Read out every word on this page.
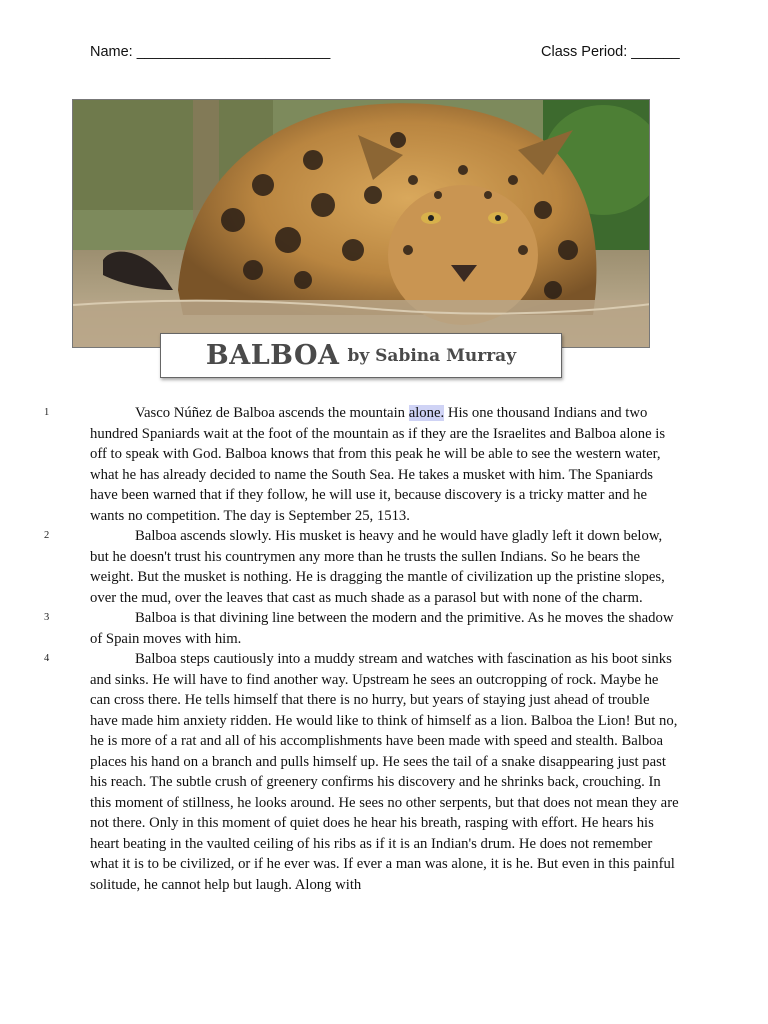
Name: ________________________	Class Period: ______
BALBOA by Sabina Murray
1	Vasco Núñez de Balboa ascends the mountain alone. His one thousand Indians and two hundred Spaniards wait at the foot of the mountain as if they are the Israelites and Balboa alone is off to speak with God. Balboa knows that from this peak he will be able to see the western water, what he has already decided to name the South Sea. He takes a musket with him. The Spaniards have been warned that if they follow, he will use it, because discovery is a tricky matter and he wants no competition. The day is September 25, 1513.
2	Balboa ascends slowly. His musket is heavy and he would have gladly left it down below, but he doesn't trust his countrymen any more than he trusts the sullen Indians. So he bears the weight. But the musket is nothing. He is dragging the mantle of civilization up the pristine slopes, over the mud, over the leaves that cast as much shade as a parasol but with none of the charm.
3	Balboa is that divining line between the modern and the primitive. As he moves the shadow of Spain moves with him.
4	Balboa steps cautiously into a muddy stream and watches with fascination as his boot sinks and sinks. He will have to find another way. Upstream he sees an outcropping of rock. Maybe he can cross there. He tells himself that there is no hurry, but years of staying just ahead of trouble have made him anxiety ridden. He would like to think of himself as a lion. Balboa the Lion! But no, he is more of a rat and all of his accomplishments have been made with speed and stealth. Balboa places his hand on a branch and pulls himself up. He sees the tail of a snake disappearing just past his reach. The subtle crush of greenery confirms his discovery and he shrinks back, crouching. In this moment of stillness, he looks around. He sees no other serpents, but that does not mean they are not there. Only in this moment of quiet does he hear his breath, rasping with effort. He hears his heart beating in the vaulted ceiling of his ribs as if it is an Indian's drum. He does not remember what it is to be civilized, or if he ever was. If ever a man was alone, it is he. But even in this painful solitude, he cannot help but laugh. Along with
